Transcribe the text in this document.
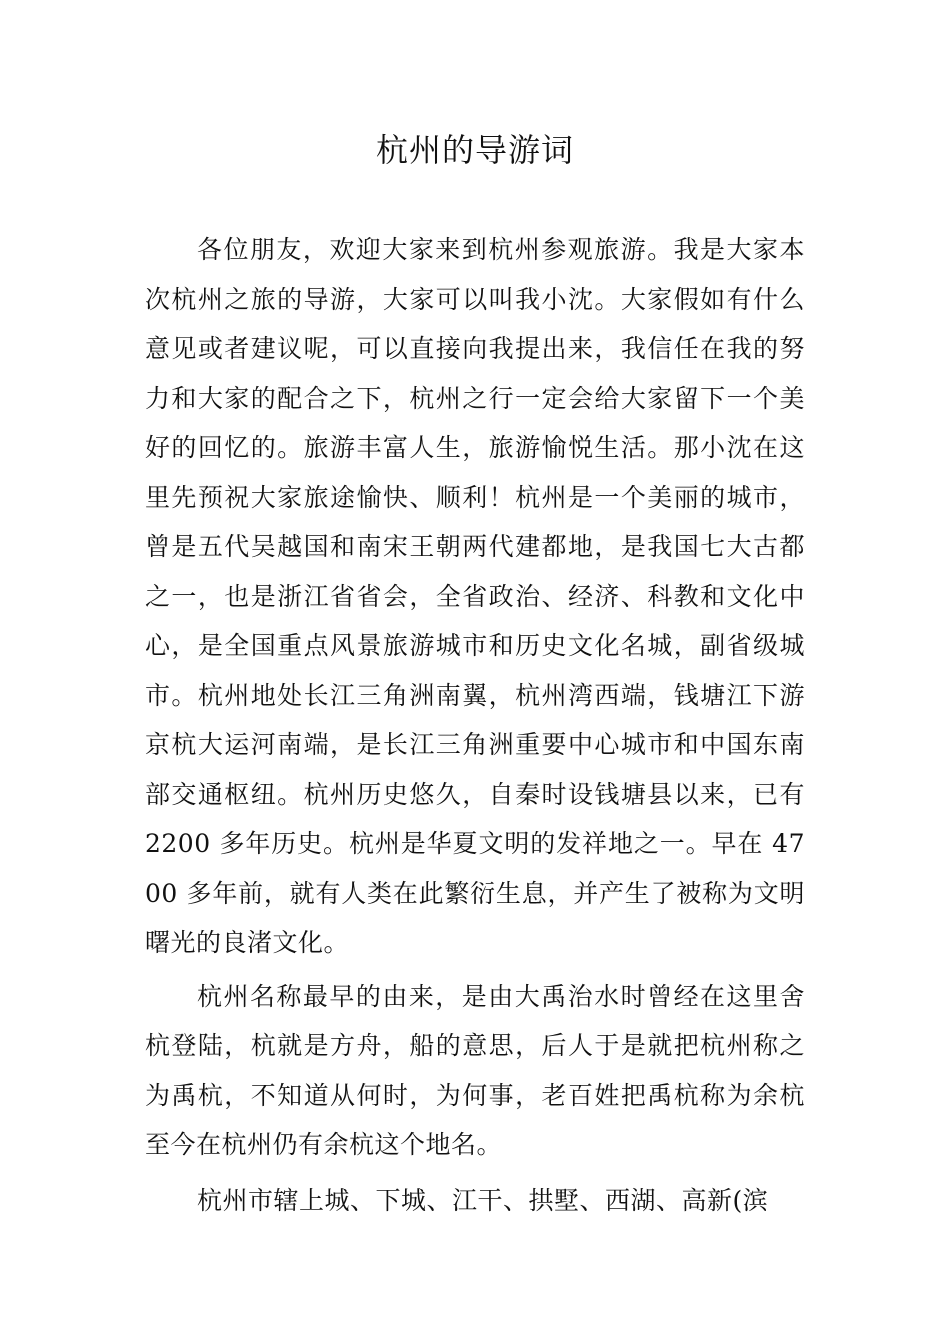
杭州的导游词

各位朋友，欢迎大家来到杭州参观旅游。我是大家本次杭州之旅的导游，大家可以叫我小沈。大家假如有什么意见或者建议呢，可以直接向我提出来，我信任在我的努力和大家的配合之下，杭州之行一定会给大家留下一个美好的回忆的。旅游丰富人生，旅游愉悦生活。那小沈在这里先预祝大家旅途愉快、顺利！杭州是一个美丽的城市，曾是五代吴越国和南宋王朝两代建都地，是我国七大古都之一，也是浙江省省会，全省政治、经济、科教和文化中心，是全国重点风景旅游城市和历史文化名城，副省级城市。杭州地处长江三角洲南翼，杭州湾西端，钱塘江下游京杭大运河南端，是长江三角洲重要中心城市和中国东南部交通枢纽。杭州历史悠久，自秦时设钱塘县以来，已有 2200 多年历史。杭州是华夏文明的发祥地之一。早在 4700 多年前，就有人类在此繁衍生息，并产生了被称为文明曙光的良渚文化。

杭州名称最早的由来，是由大禹治水时曾经在这里舍杭登陆，杭就是方舟，船的意思，后人于是就把杭州称之为禹杭，不知道从何时，为何事，老百姓把禹杭称为余杭至今在杭州仍有余杭这个地名。

杭州市辖上城、下城、江干、拱墅、西湖、高新(滨
